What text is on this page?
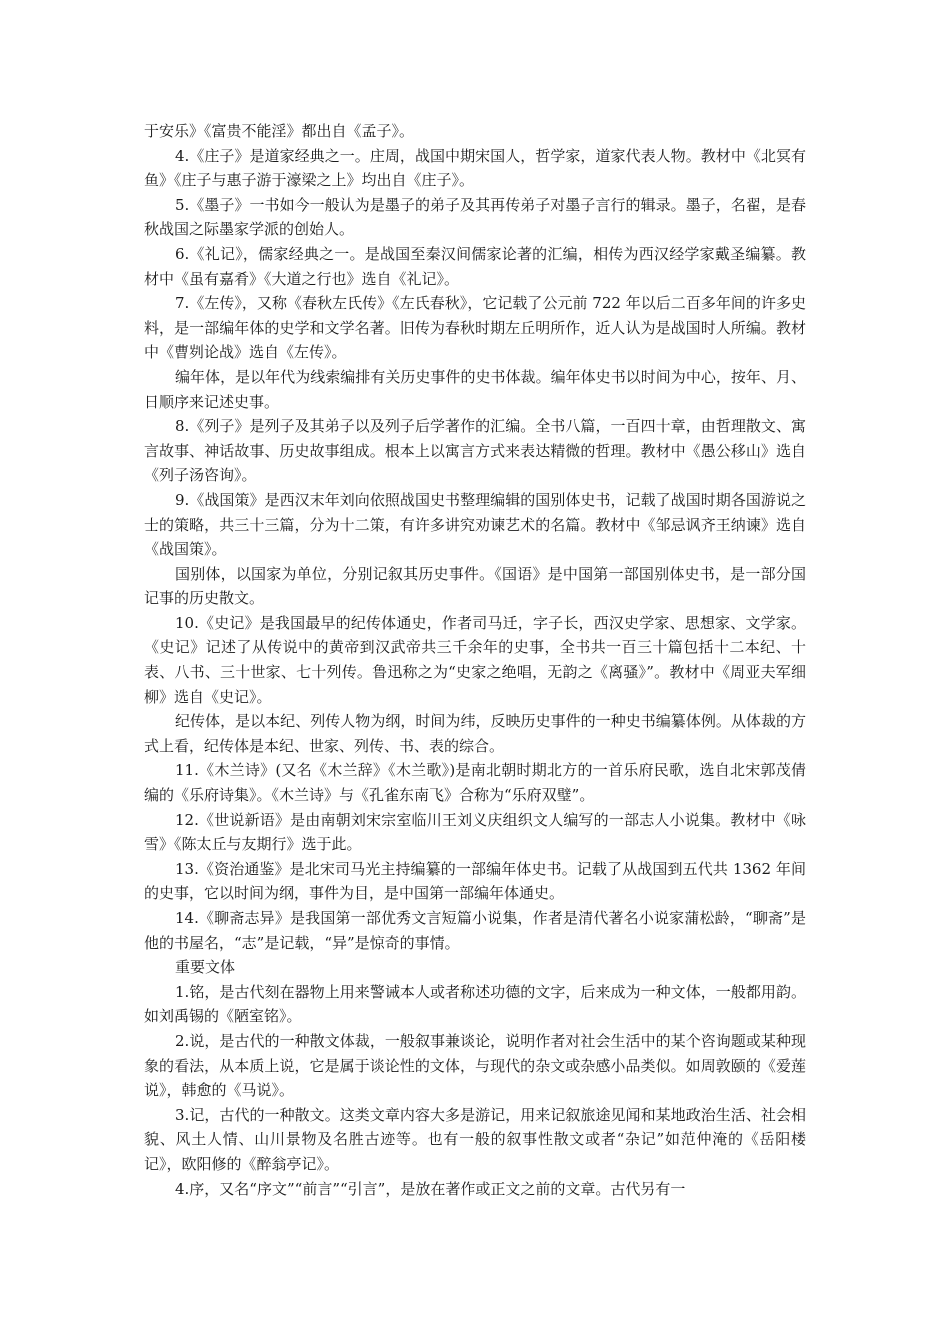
于安乐》《富贵不能淫》都出自《孟子》。

4.《庄子》是道家经典之一。庄周，战国中期宋国人，哲学家，道家代表人物。教材中《北冥有鱼》《庄子与惠子游于濠梁之上》均出自《庄子》。

5.《墨子》一书如今一般认为是墨子的弟子及其再传弟子对墨子言行的辑录。墨子，名翟，是春秋战国之际墨家学派的创始人。

6.《礼记》，儒家经典之一。是战国至秦汉间儒家论著的汇编，相传为西汉经学家戴圣编纂。教材中《虽有嘉肴》《大道之行也》选自《礼记》。

7.《左传》，又称《春秋左氏传》《左氏春秋》，它记载了公元前 722 年以后二百多年间的许多史料，是一部编年体的史学和文学名著。旧传为春秋时期左丘明所作，近人认为是战国时人所编。教材中《曹刿论战》选自《左传》。

编年体，是以年代为线索编排有关历史事件的史书体裁。编年体史书以时间为中心，按年、月、日顺序来记述史事。

8.《列子》是列子及其弟子以及列子后学著作的汇编。全书八篇，一百四十章，由哲理散文、寓言故事、神话故事、历史故事组成。根本上以寓言方式来表达精微的哲理。教材中《愚公移山》选自《列子汤咨询》。

9.《战国策》是西汉末年刘向依照战国史书整理编辑的国别体史书，记载了战国时期各国游说之士的策略，共三十三篇，分为十二策，有许多讲究劝谏艺术的名篇。教材中《邹忌讽齐王纳谏》选自《战国策》。

国别体，以国家为单位，分别记叙其历史事件。《国语》是中国第一部国别体史书，是一部分国记事的历史散文。

10.《史记》是我国最早的纪传体通史，作者司马迁，字子长，西汉史学家、思想家、文学家。《史记》记述了从传说中的黄帝到汉武帝共三千余年的史事，全书共一百三十篇包括十二本纪、十表、八书、三十世家、七十列传。鲁迅称之为“史家之绝唱，无韵之《离骚》”。教材中《周亚夫军细柳》选自《史记》。

纪传体，是以本纪、列传人物为纲，时间为纬，反映历史事件的一种史书编纂体例。从体裁的方式上看，纪传体是本纪、世家、列传、书、表的综合。

11.《木兰诗》(又名《木兰辞》《木兰歌》)是南北朝时期北方的一首乐府民歌，选自北宋郭茂倩编的《乐府诗集》。《木兰诗》与《孔雀东南飞》合称为“乐府双璧”。

12.《世说新语》是由南朝刘宋宗室临川王刘义庆组织文人编写的一部志人小说集。教材中《咏雪》《陈太丘与友期行》选于此。

13.《资治通鉴》是北宋司马光主持编纂的一部编年体史书。记载了从战国到五代共 1362 年间的史事，它以时间为纲，事件为目，是中国第一部编年体通史。

14.《聊斋志异》是我国第一部优秀文言短篇小说集，作者是清代著名小说家蒲松龄，“聊斋”是他的书屋名，“志”是记载，“异”是惊奇的事情。

重要文体

1.铭，是古代刻在器物上用来警诫本人或者称述功德的文字，后来成为一种文体，一般都用韵。如刘禹锡的《陋室铭》。

2.说，是古代的一种散文体裁，一般叙事兼谈论，说明作者对社会生活中的某个咨询题或某种现象的看法，从本质上说，它是属于谈论性的文体，与现代的杂文或杂感小品类似。如周敦颐的《爱莲说》，韩愈的《马说》。

3.记，古代的一种散文。这类文章内容大多是游记，用来记叙旅途见闻和某地政治生活、社会相貌、风土人情、山川景物及名胜古迹等。也有一般的叙事性散文或者“杂记”如范仲淹的《岳阳楼记》，欧阳修的《醉翁亭记》。

4.序，又名“序文”“前言”“引言”，是放在著作或正文之前的文章。古代另有一
